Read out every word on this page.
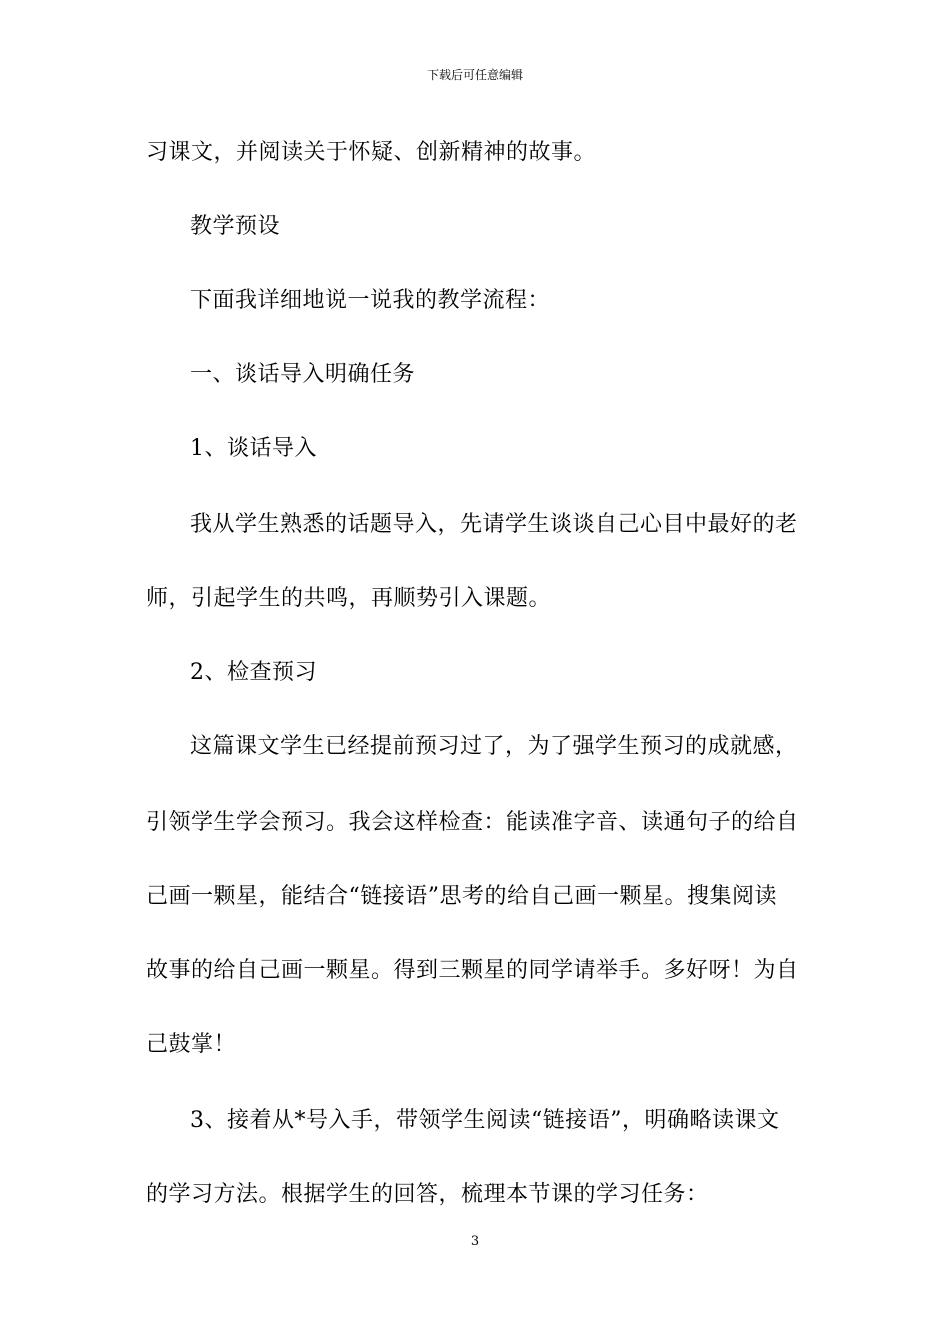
下载后可任意编辑
习课文，并阅读关于怀疑、创新精神的故事。
教学预设
下面我详细地说一说我的教学流程：
一、谈话导入明确任务
1、谈话导入
我从学生熟悉的话题导入，先请学生谈谈自己心目中最好的老
师，引起学生的共鸣，再顺势引入课题。
2、检查预习
这篇课文学生已经提前预习过了，为了强学生预习的成就感，
引领学生学会预习。我会这样检查：能读准字音、读通句子的给自
己画一颗星，能结合“链接语”思考的给自己画一颗星。搜集阅读
故事的给自己画一颗星。得到三颗星的同学请举手。多好呀！为自
己鼓掌！
3、接着从*号入手，带领学生阅读“链接语”，明确略读课文
的学习方法。根据学生的回答，梳理本节课的学习任务：
3
